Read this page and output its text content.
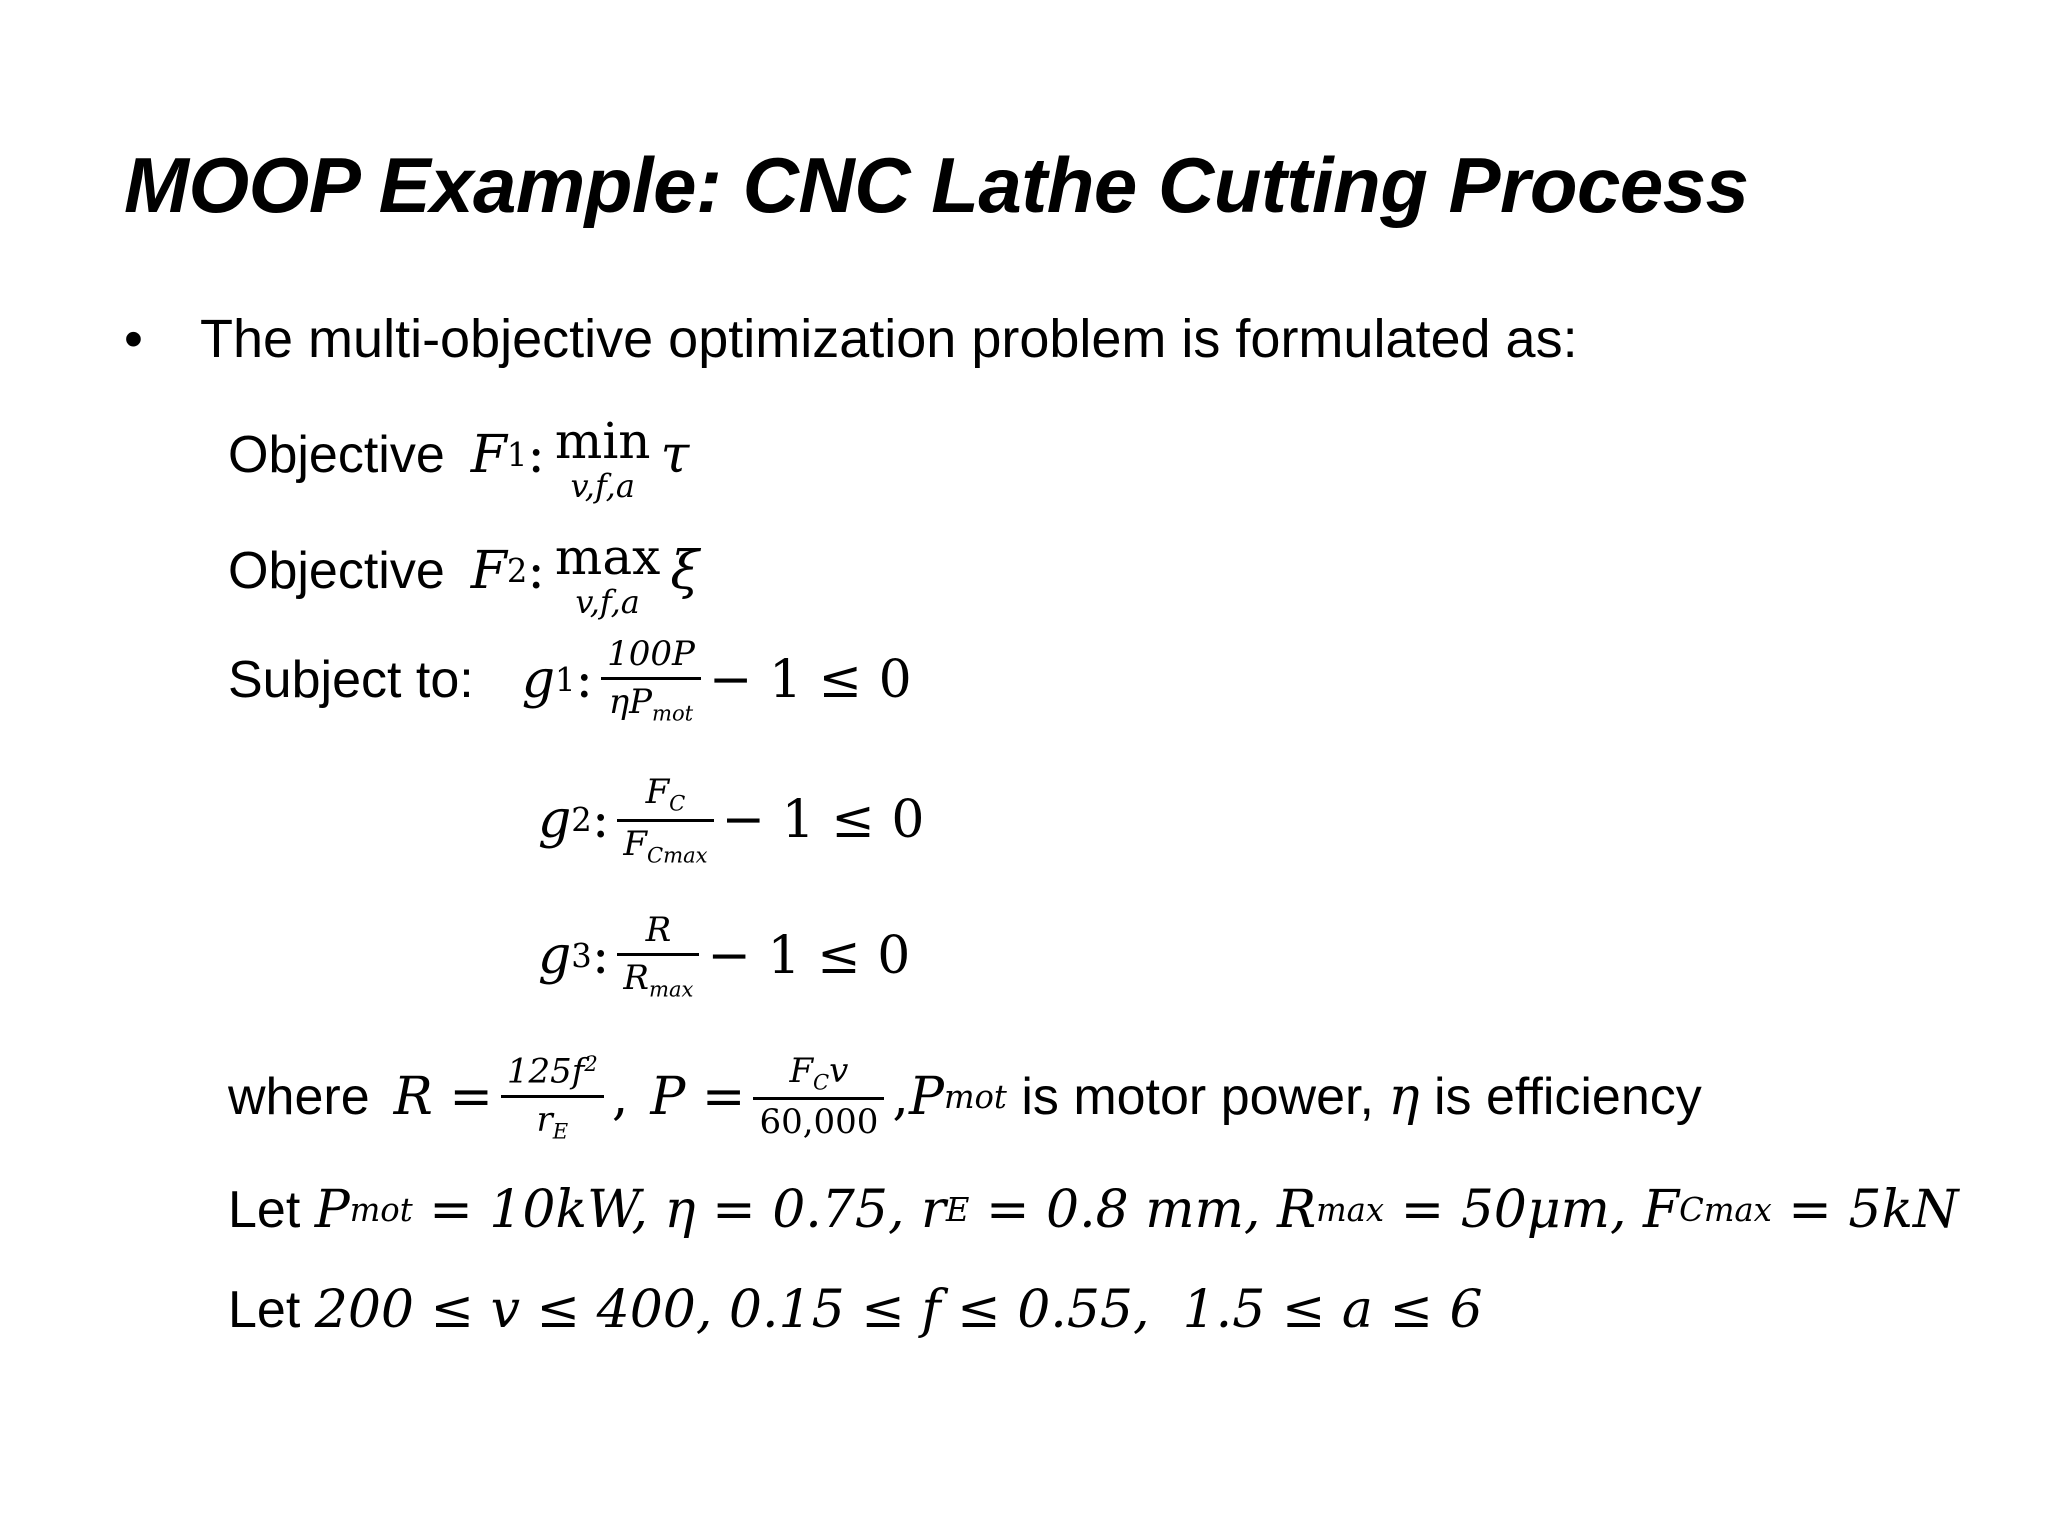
MOOP Example: CNC Lathe Cutting Process
• The multi-objective optimization problem is formulated as:
Objective F 1 : min
v,f,a
τ
Objective F 2 : max
v,f,a
ξ
Subject to: g 1 : $\frac{100P}{\eta P_{mot}} - 1 \le 0$
g 2 : $\frac{F_C}{F_{Cmax}} - 1 \le 0$
g 3 : $\frac{R}{R_{max}} - 1 \le 0$
where $R = \frac{125f^2}{r_E}$ , $P = \frac{F_Cv}{60,000}$ , P mot is motor power, η is efficiency
Let P mot = 10kW, η = 0.75, r E = 0.8 mm, R max = 50μm, F C max = 5kN
Let 200 ≤ v ≤ 400, 0.15 ≤ f ≤ 0.55,  1.5 ≤ a ≤ 6
